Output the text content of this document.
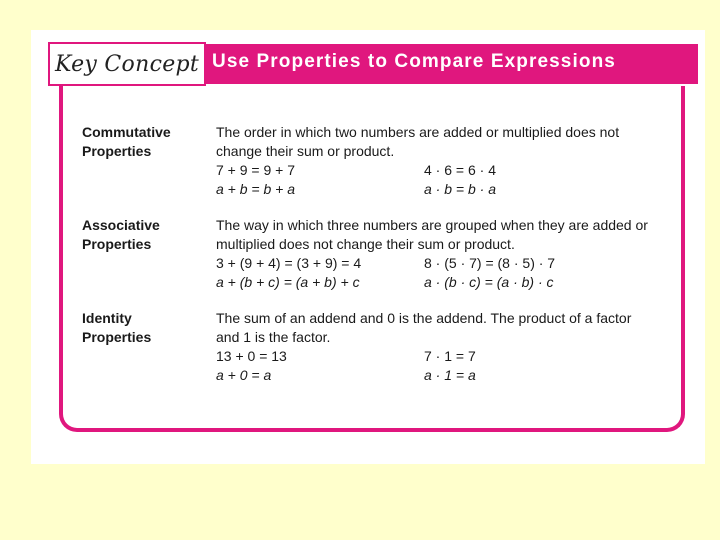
Key Concept Use Properties to Compare Expressions
Commutative
Properties
The order in which two numbers are added or multiplied does not change their sum or product.
7 + 9 = 9 + 7	4 · 6 = 6 · 4
a + b = b + a	a · b = b · a
Associative
Properties
The way in which three numbers are grouped when they are added or multiplied does not change their sum or product.
3 + (9 + 4) = (3 + 9) = 4	8 · (5 · 7) = (8 · 5) · 7
a + (b + c) = (a + b) + c	a · (b · c) = (a · b) · c
Identity
Properties
The sum of an addend and 0 is the addend. The product of a factor and 1 is the factor.
13 + 0 = 13	7 · 1 = 7
a + 0 = a	a · 1 = a
